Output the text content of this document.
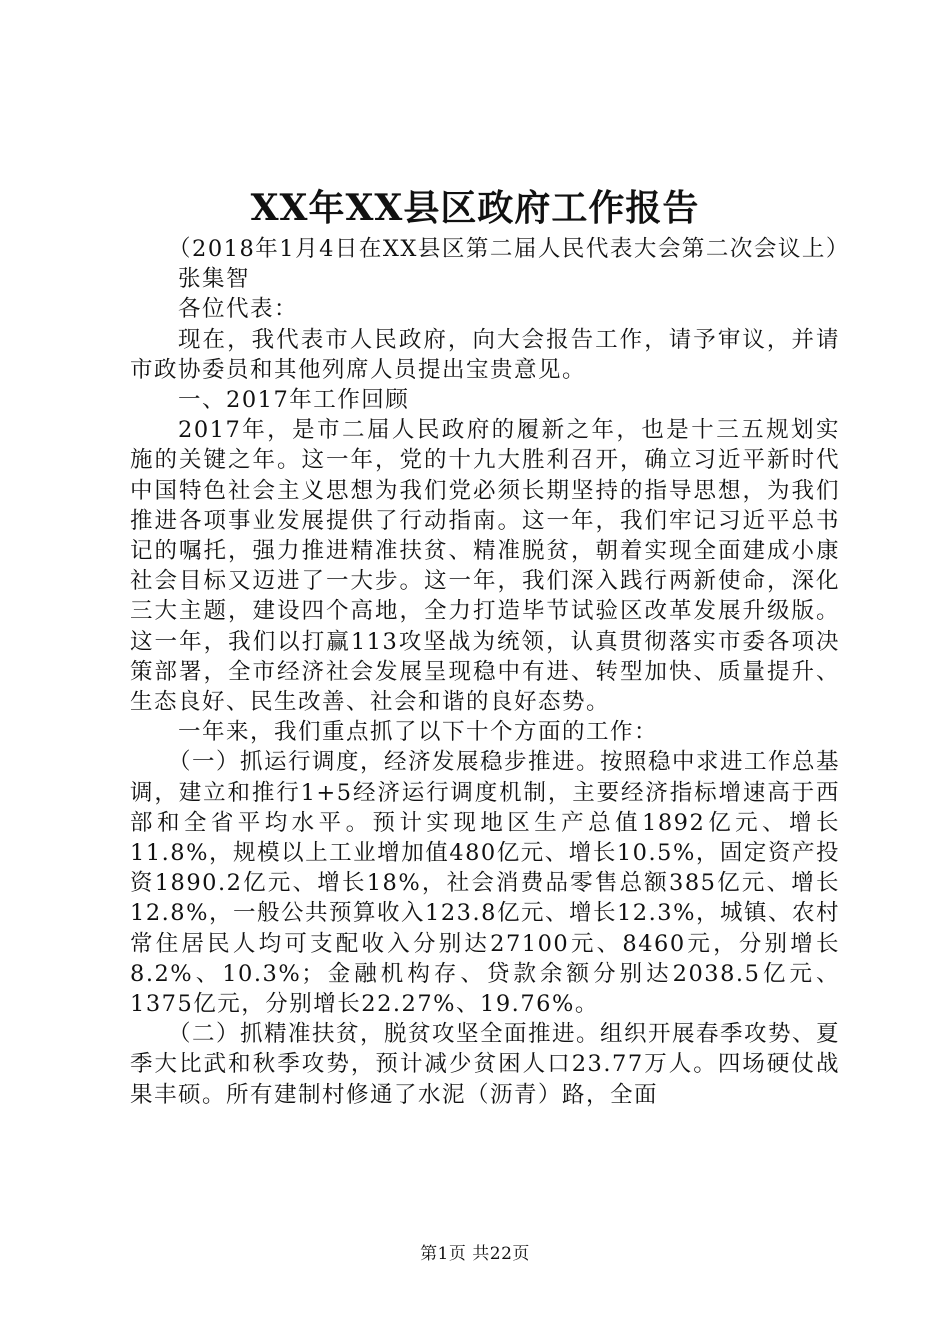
XX年XX县区政府工作报告

（2018年1月4日在XX县区第二届人民代表大会第二次会议上）

张集智

各位代表：

现在，我代表市人民政府，向大会报告工作，请予审议，并请市政协委员和其他列席人员提出宝贵意见。

一、2017年工作回顾

2017年，是市二届人民政府的履新之年，也是十三五规划实施的关键之年。这一年，党的十九大胜利召开，确立习近平新时代中国特色社会主义思想为我们党必须长期坚持的指导思想，为我们推进各项事业发展提供了行动指南。这一年，我们牢记习近平总书记的嘱托，强力推进精准扶贫、精准脱贫，朝着实现全面建成小康社会目标又迈进了一大步。这一年，我们深入践行两新使命，深化三大主题，建设四个高地，全力打造毕节试验区改革发展升级版。这一年，我们以打赢113攻坚战为统领，认真贯彻落实市委各项决策部署，全市经济社会发展呈现稳中有进、转型加快、质量提升、生态良好、民生改善、社会和谐的良好态势。

一年来，我们重点抓了以下十个方面的工作：

（一）抓运行调度，经济发展稳步推进。按照稳中求进工作总基调，建立和推行1+5经济运行调度机制，主要经济指标增速高于西部和全省平均水平。预计实现地区生产总值1892亿元、增长11.8%，规模以上工业增加值480亿元、增长10.5%，固定资产投资1890.2亿元、增长18%，社会消费品零售总额385亿元、增长12.8%，一般公共预算收入123.8亿元、增长12.3%，城镇、农村常住居民人均可支配收入分别达27100元、8460元，分别增长8.2%、10.3%；金融机构存、贷款余额分别达2038.5亿元、1375亿元，分别增长22.27%、19.76%。

（二）抓精准扶贫，脱贫攻坚全面推进。组织开展春季攻势、夏季大比武和秋季攻势，预计减少贫困人口23.77万人。四场硬仗战果丰硕。所有建制村修通了水泥（沥青）路，全面

第1页 共22页
